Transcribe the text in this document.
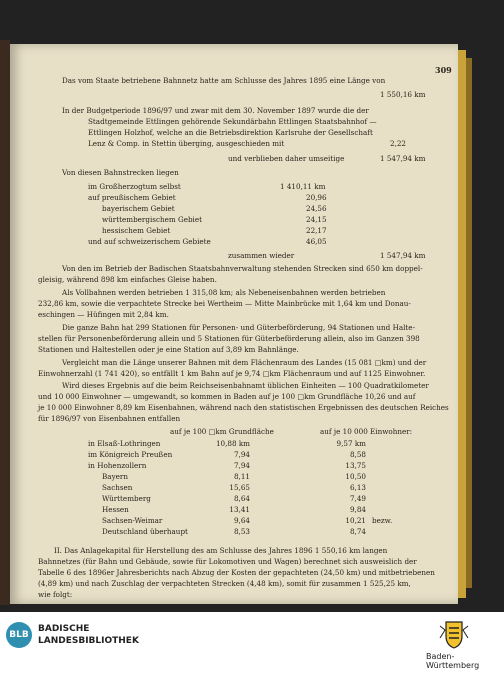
309
Das vom Staate betriebene Bahnnetz hatte am Schlusse des Jahres 1895 eine Länge von
1 550,16 km
In der Budgetperiode 1896/97 und zwar mit dem 30. November 1897 wurde die der
Stadtgemeinde Ettlingen gehörende Sekundärbahn Ettlingen Staatsbahnhof —
Ettlingen Holzhof, welche an die Betriebsdirektion Karlsruhe der Gesellschaft
Lenz & Comp. in Stettin überging, ausgeschieden mit	2,22
und verblieben daher umseitige	1 547,94 km
Von diesen Bahnstrecken liegen
im Großherzogtum selbst	1 410,11 km
auf preußischem Gebiet	20,96
bayerischem Gebiet	24,56
württembergischem Gebiet	24,15
hessischem Gebiet	22,17
und auf schweizerischem Gebiete	46,05
zusammen wieder	1 547,94 km
Von den im Betrieb der Badischen Staatsbahnverwaltung stehenden Strecken sind 650 km doppel-
gleisig, während 898 km einfaches Gleise haben.
Als Vollbahnen werden betrieben 1 315,08 km; als Nebeneisenbahnen werden betrieben
232,86 km, sowie die verpachtete Strecke bei Wertheim — Mitte Mainbrücke mit 1,64 km und Donau-
eschingen — Hüfingen mit 2,84 km.
Die ganze Bahn hat 299 Stationen für Personen- und Güterbeförderung, 94 Stationen und Halte-
stellen für Personenbeförderung allein und 5 Stationen für Güterbeförderung allein, also im Ganzen 398
Stationen und Haltestellen oder je eine Station auf 3,89 km Bahnlänge.
Vergleicht man die Länge unserer Bahnen mit dem Flächenraum des Landes (15 081 □km) und der
Einwohnerzahl (1 741 420), so entfällt 1 km Bahn auf je 9,74 □km Flächenraum und auf 1125 Einwohner.
Wird dieses Ergebnis auf die beim Reichseisenbahnamt üblichen Einheiten — 100 Quadratkilometer
und 10 000 Einwohner — umgewandt, so kommen in Baden auf je 100 □km Grundfläche 10,26 und auf
je 10 000 Einwohner 8,89 km Eisenbahnen, während nach den statistischen Ergebnissen des deutschen Reiches
für 1896/97 von Eisenbahnen entfallen
auf je 100 □km Grundfläche	auf je 10 000 Einwohner:
in Elsaß-Lothringen	10,88 km	9,57 km
im Königreich Preußen	7,94	8,58
in Hohenzollern	7,94	13,75
Bayern	8,11	10,50
Sachsen	15,65	6,13
Württemberg	8,64	7,49
Hessen	13,41	9,84
Sachsen-Weimar	9,64	10,21 bezw.
Deutschland überhaupt	8,53	8,74
II. Das Anlagekapital für Herstellung des am Schlusse des Jahres 1896 1 550,16 km langen
Bahnnetzes (für Bahn und Gebäude, sowie für Lokomotiven und Wagen) berechnet sich ausweislich der
Tabelle 6 des 1896er Jahresberichts nach Abzug der Kosten der gepachteten (24,50 km) und mitbetriebenen
(4,89 km) und nach Zuschlag der verpachteten Strecken (4,48 km), somit für zusammen 1 525,25 km,
wie folgt:
BLB
BADISCHE
LANDESBIBLIOTHEK
Baden-Württemberg
